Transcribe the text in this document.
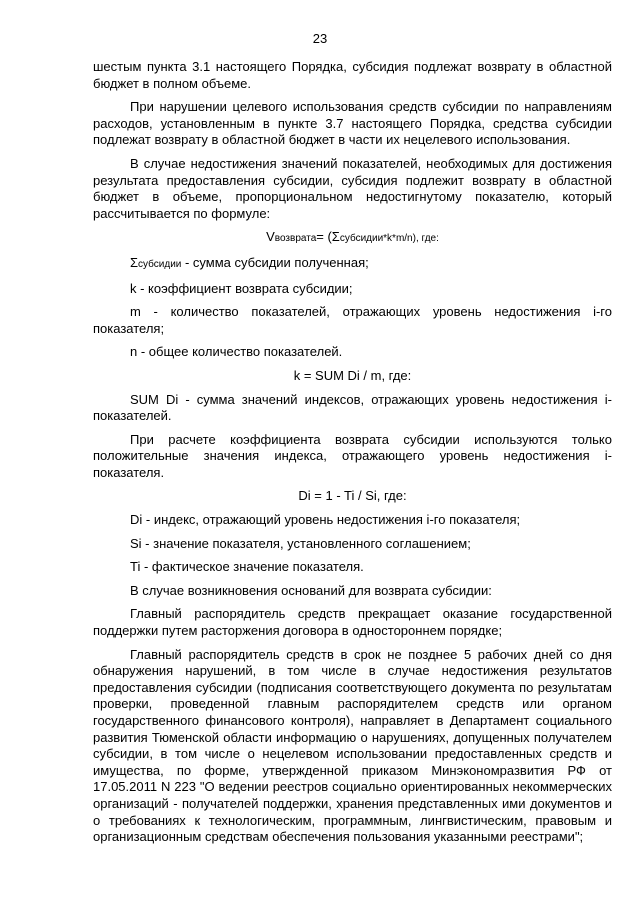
23

шестым пункта 3.1 настоящего Порядка, субсидия подлежат возврату в областной бюджет в полном объеме.

При нарушении целевого использования средств субсидии по направлениям расходов, установленным в пункте 3.7 настоящего Порядка, средства субсидии подлежат возврату в областной бюджет в части их нецелевого использования.

В случае недостижения значений показателей, необходимых для достижения результата предоставления субсидии, субсидия подлежит возврату в областной бюджет в объеме, пропорциональном недостигнутому показателю, который рассчитывается по формуле:

Vвозврата= (Σсубсидии*k*m/n), где:

Σсубсидии - сумма субсидии полученная;

k - коэффициент возврата субсидии;

m - количество показателей, отражающих уровень недостижения i-го показателя;

n - общее количество показателей.

k = SUM Di / m, где:

SUM Di - сумма значений индексов, отражающих уровень недостижения i-показателей.

При расчете коэффициента возврата субсидии используются только положительные значения индекса, отражающего уровень недостижения i-показателя.

Di = 1 - Ti / Si, где:

Di - индекс, отражающий уровень недостижения i-го показателя;

Si - значение показателя, установленного соглашением;

Ti - фактическое значение показателя.

В случае возникновения оснований для возврата субсидии:

Главный распорядитель средств прекращает оказание государственной поддержки путем расторжения договора в одностороннем порядке;

Главный распорядитель средств в срок не позднее 5 рабочих дней со дня обнаружения нарушений, в том числе в случае недостижения результатов предоставления субсидии (подписания соответствующего документа по результатам проверки, проведенной главным распорядителем средств или органом государственного финансового контроля), направляет в Департамент социального развития Тюменской области информацию о нарушениях, допущенных получателем субсидии, в том числе о нецелевом использовании предоставленных средств и имущества, по форме, утвержденной приказом Минэкономразвития РФ от 17.05.2011 N 223 "О ведении реестров социально ориентированных некоммерческих организаций - получателей поддержки, хранения представленных ими документов и о требованиях к технологическим, программным, лингвистическим, правовым и организационным средствам обеспечения пользования указанными реестрами";
